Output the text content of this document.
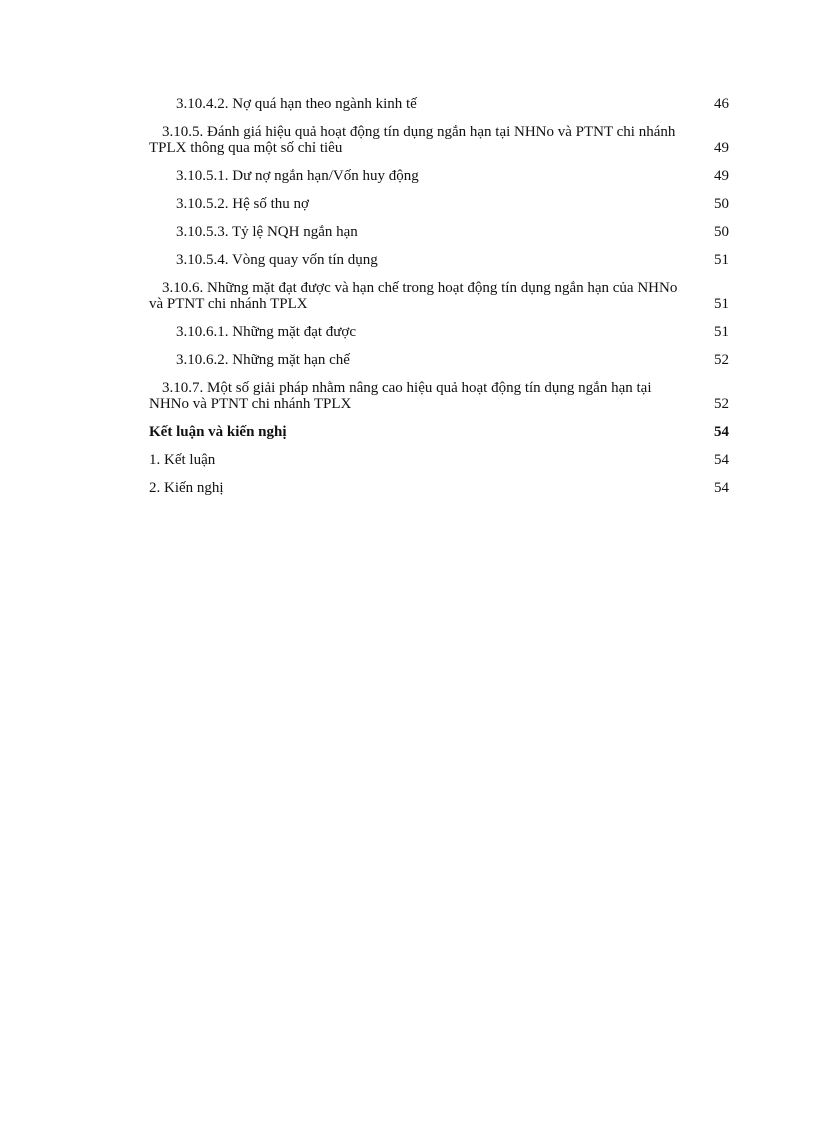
3.10.4.2. Nợ quá hạn theo ngành kinh tế	46
3.10.5. Đánh giá hiệu quả hoạt động tín dụng ngắn hạn tại NHNo và PTNT chi nhánh TPLX thông qua một số chỉ tiêu	49
3.10.5.1. Dư nợ ngắn hạn/Vốn huy động	49
3.10.5.2. Hệ số thu nợ	50
3.10.5.3. Tỷ lệ NQH ngắn hạn	50
3.10.5.4. Vòng quay vốn tín dụng	51
3.10.6. Những mặt đạt được và hạn chế trong hoạt động tín dụng ngắn hạn của NHNo và PTNT chi nhánh TPLX	51
3.10.6.1. Những mặt đạt được	51
3.10.6.2. Những mặt hạn chế	52
3.10.7. Một số giải pháp nhằm nâng cao hiệu quả hoạt động tín dụng ngắn hạn tại NHNo và PTNT chi nhánh TPLX	52
Kết luận và kiến nghị	54
1. Kết luận	54
2. Kiến nghị	54
